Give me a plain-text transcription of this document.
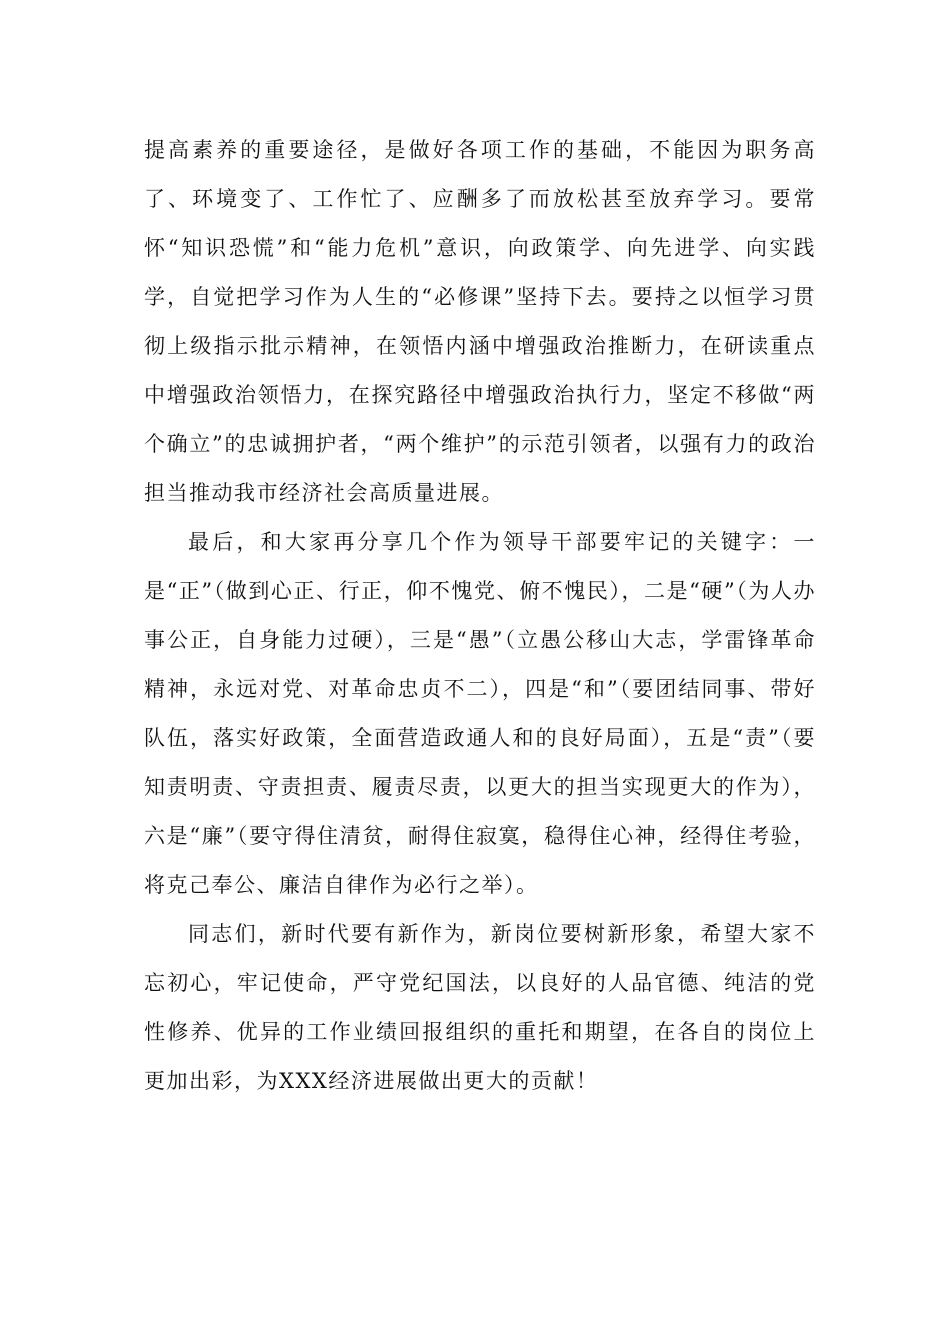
提高素养的重要途径，是做好各项工作的基础，不能因为职务高了、环境变了、工作忙了、应酬多了而放松甚至放弃学习。要常怀“知识恐慌”和“能力危机”意识，向政策学、向先进学、向实践学，自觉把学习作为人生的“必修课”坚持下去。要持之以恒学习贯彻上级指示批示精神，在领悟内涵中增强政治推断力，在研读重点中增强政治领悟力，在探究路径中增强政治执行力，坚定不移做“两个确立”的忠诚拥护者，“两个维护”的示范引领者，以强有力的政治担当推动我市经济社会高质量进展。

最后，和大家再分享几个作为领导干部要牢记的关键字：一是“正”（做到心正、行正，仰不愧党、俯不愧民），二是“硬”（为人办事公正，自身能力过硬），三是“愚”（立愚公移山大志，学雷锋革命精神，永远对党、对革命忠贞不二），四是“和”（要团结同事、带好队伍，落实好政策，全面营造政通人和的良好局面），五是“责”（要知责明责、守责担责、履责尽责，以更大的担当实现更大的作为），六是“廉”（要守得住清贫，耐得住寂寞，稳得住心神，经得住考验，将克己奉公、廉洁自律作为必行之举）。

同志们，新时代要有新作为，新岗位要树新形象，希望大家不忘初心，牢记使命，严守党纪国法，以良好的人品官德、纯洁的党性修养、优异的工作业绩回报组织的重托和期望，在各自的岗位上更加出彩，为XXX经济进展做出更大的贡献！
